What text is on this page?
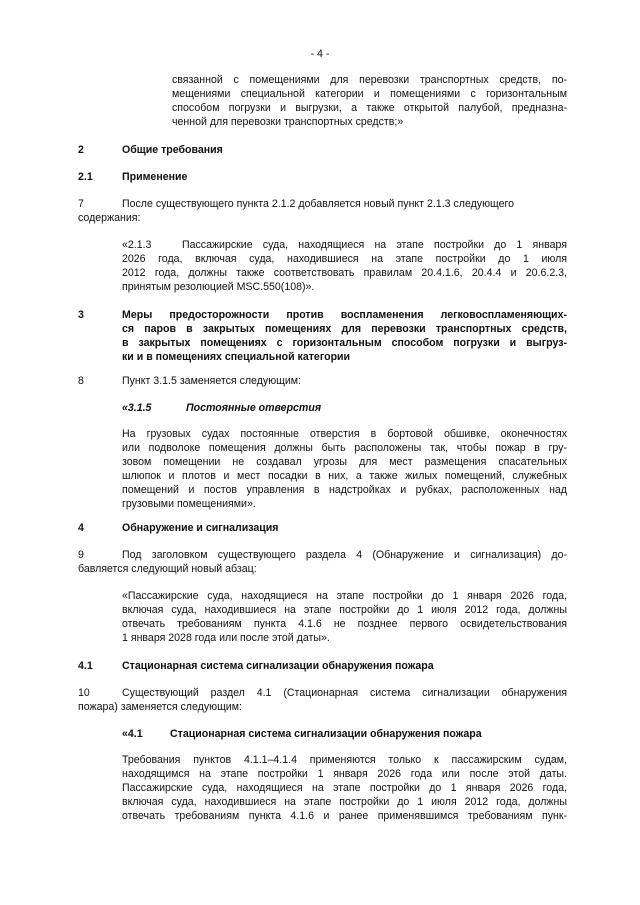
- 4 -
связанной с помещениями для перевозки транспортных средств, по-
мещениями специальной категории и помещениями с горизонтальным
способом погрузки и выгрузки, а также открытой палубой, предназна-
ченной для перевозки транспортных средств;»
2	Общие требования
2.1	Применение
7	После существующего пункта 2.1.2 добавляется новый пункт 2.1.3 следующего
содержания:
«2.1.3   Пассажирские суда, находящиеся на этапе постройки до 1 января
2026 года, включая суда, находившиеся на этапе постройки до 1 июля
2012 года, должны также соответствовать правилам 20.4.1.6, 20.4.4 и 20.6.2.3,
принятым резолюцией MSC.550(108)».
3	Меры предосторожности против воспламенения легковоспламеняющих-
ся паров в закрытых помещениях для перевозки транспортных средств,
в закрытых помещениях с горизонтальным способом погрузки и выгруз-
ки и в помещениях специальной категории
8	Пункт 3.1.5 заменяется следующим:
«3.1.5	Постоянные отверстия
На грузовых судах постоянные отверстия в бортовой обшивке, оконечностях
или подволоке помещения должны быть расположены так, чтобы пожар в гру-
зовом помещении не создавал угрозы для мест размещения спасательных
шлюпок и плотов и мест посадки в них, а также жилых помещений, служебных
помещений и постов управления в надстройках и рубках, расположенных над
грузовыми помещениями».
4	Обнаружение и сигнализация
9	Под заголовком существующего раздела 4 (Обнаружение и сигнализация) до-
бавляется следующий новый абзац:
«Пассажирские суда, находящиеся на этапе постройки до 1 января 2026 года,
включая суда, находившиеся на этапе постройки до 1 июля 2012 года, должны
отвечать требованиям пункта 4.1.6 не позднее первого освидетельствования
1 января 2028 года или после этой даты».
4.1	Стационарная система сигнализации обнаружения пожара
10	Существующий раздел 4.1 (Стационарная система сигнализации обнаружения
пожара) заменяется следующим:
«4.1	Стационарная система сигнализации обнаружения пожара
Требования пунктов 4.1.1–4.1.4 применяются только к пассажирским судам,
находящимся на этапе постройки 1 января 2026 года или после этой даты.
Пассажирские суда, находящиеся на этапе постройки до 1 января 2026 года,
включая суда, находившиеся на этапе постройки до 1 июля 2012 года, должны
отвечать требованиям пункта 4.1.6 и ранее применявшимся требованиям пунк-
